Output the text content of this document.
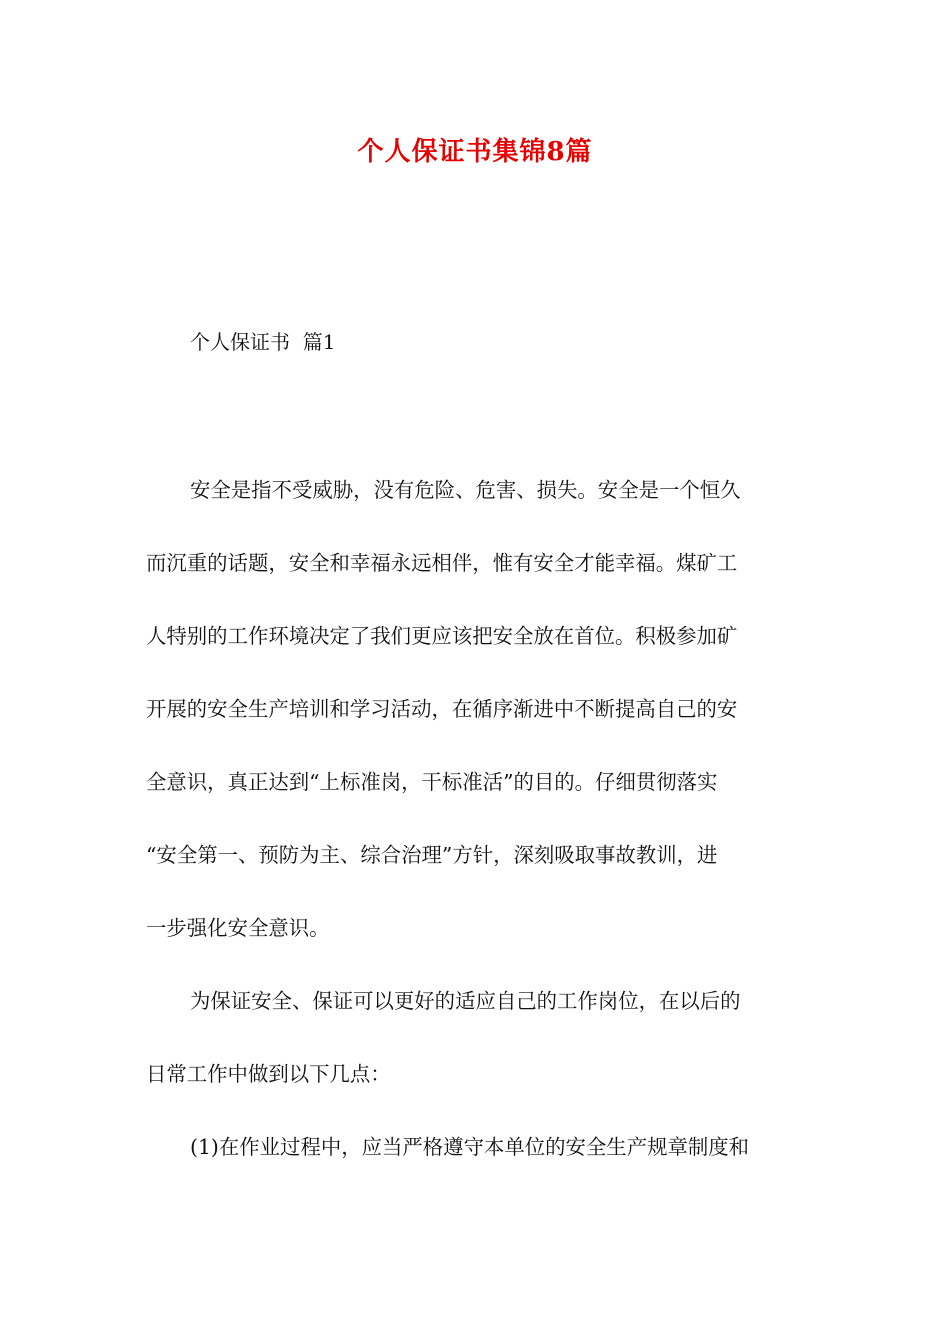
个人保证书集锦8篇
个人保证书  篇1
安全是指不受威胁，没有危险、危害、损失。安全是一个恒久
而沉重的话题，安全和幸福永远相伴，惟有安全才能幸福。煤矿工
人特别的工作环境决定了我们更应该把安全放在首位。积极参加矿
开展的安全生产培训和学习活动，在循序渐进中不断提高自己的安
全意识，真正达到“上标准岗，干标准活”的目的。仔细贯彻落实
“安全第一、预防为主、综合治理”方针，深刻吸取事故教训，进
一步强化安全意识。
为保证安全、保证可以更好的适应自己的工作岗位，在以后的
日常工作中做到以下几点：
(1)在作业过程中，应当严格遵守本单位的安全生产规章制度和
